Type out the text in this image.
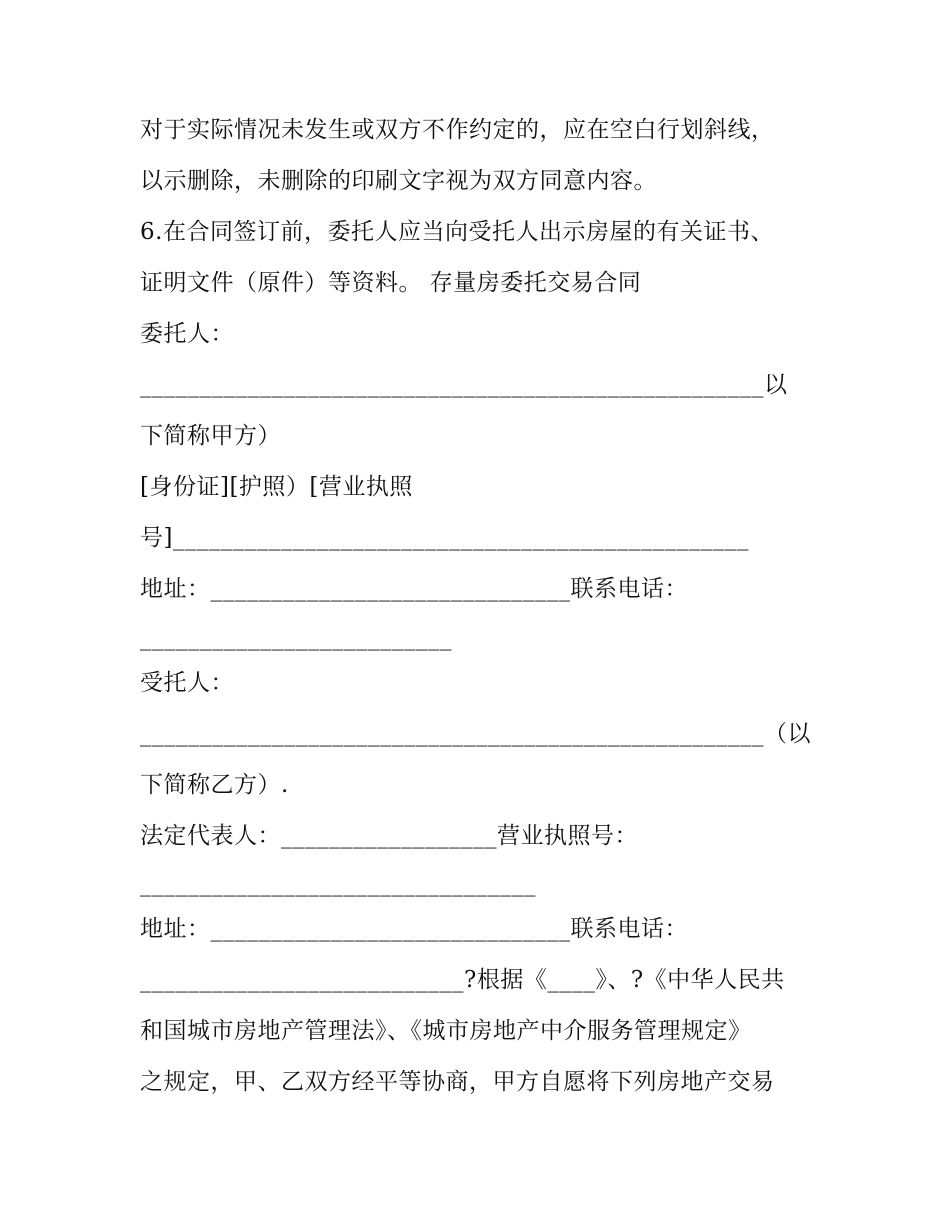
对于实际情况未发生或双方不作约定的，应在空白行划斜线，
以示删除，未删除的印刷文字视为双方同意内容。
6.在合同签订前，委托人应当向受托人出示房屋的有关证书、
证明文件（原件）等资料。 存量房委托交易合同
委托人：
____________________________________________________以
下简称甲方）
[身份证][护照）[营业执照
号]________________________________________________
地址：______________________________联系电话：
__________________________
受托人：
____________________________________________________（以
下简称乙方）.
法定代表人：__________________营业执照号：
_________________________________
地址：______________________________联系电话：
___________________________?根据《____》、?《中华人民共
和国城市房地产管理法》、《城市房地产中介服务管理规定》
之规定，甲、乙双方经平等协商，甲方自愿将下列房地产交易
